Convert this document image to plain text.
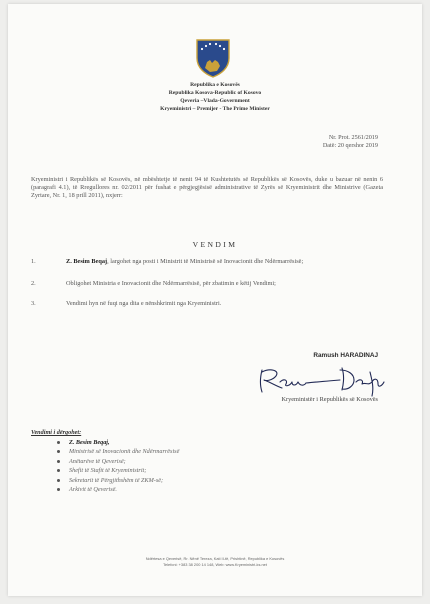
Republika e Kosovës
Republika Kosova-Republic of Kosovo
Qeveria –Vlada-Government
Kryeministri – Premijer - The Prime Minister
Nr. Prot. 2561/2019
Datë: 20 qershor 2019
Kryeministri i Republikës së Kosovës, në mbështetje të nenit 94 të Kushtetutës së Republikës së Kosovës, duke u bazuar në nenin 6 (paragrafi 4.1), të Rregullores nr. 02/2011 për fushat e përgjegjësisë administrative të Zyrës së Kryeministrit dhe Ministrive (Gazeta Zyrtare, Nr. 1, 18 prill 2011), nxjerr:
VENDIM
1.	Z. Besim Beqaj, largohet nga posti i Ministrit të Ministrisë së Inovacionit dhe Ndërmarrësisë;
2.	Obligohet Ministria e Inovacionit dhe Ndërmarrësisë, për zbatimin e këtij Vendimi;
3.	Vendimi hyn në fuqi nga dita e nënshkrimit nga Kryeministri.
Ramush HARADINAJ
Kryeministër i Republikës së Kosovës
Vendimi i dërgohet:
Z. Besim Beqaj,
Ministrisë së Inovacionit dhe Ndërmarrësisë
Anëtarëve të Qeverisë;
Shefit të Stafit të Kryeministrit;
Sekretarit të Përgjithshëm të ZKM-së;
Arkivit të Qeverisë.
Ndërtesa e Qeverisë, Rr. Nënë Tereza, Kati II-të, Prishtinë, Republika e Kosovës
Telefoni: +383 38 200 14 148, Web: www.Kryeministri-ks.net
